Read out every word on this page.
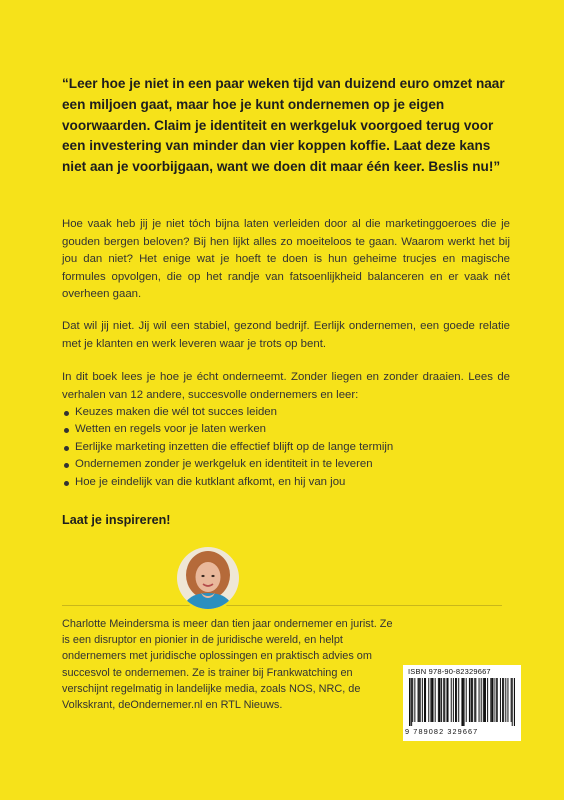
“Leer hoe je niet in een paar weken tijd van duizend euro omzet naar een miljoen gaat, maar hoe je kunt ondernemen op je eigen voorwaarden. Claim je identiteit en werkgeluk voorgoed terug voor een investering van minder dan vier koppen koffie. Laat deze kans niet aan je voorbijgaan, want we doen dit maar één keer. Beslis nu!”

Hoe vaak heb jij je niet tóch bijna laten verleiden door al die marketinggoeroes die je gouden bergen beloven? Bij hen lijkt alles zo moeiteloos te gaan. Waarom werkt het bij jou dan niet? Het enige wat je hoeft te doen is hun geheime trucjes en magische formules opvolgen, die op het randje van fatsoenlijkheid balanceren en er vaak nét overheen gaan.

Dat wil jij niet. Jij wil een stabiel, gezond bedrijf. Eerlijk ondernemen, een goede relatie met je klanten en werk leveren waar je trots op bent.

In dit boek lees je hoe je écht onderneemt. Zonder liegen en zonder draaien. Lees de verhalen van 12 andere, succesvolle ondernemers en leer:

Keuzes maken die wél tot succes leiden
Wetten en regels voor je laten werken
Eerlijke marketing inzetten die effectief blijft op de lange termijn
Ondernemen zonder je werkgeluk en identiteit in te leveren
Hoe je eindelijk van die kutklant afkomt, en hij van jou

Laat je inspireren!

Charlotte Meindersma is meer dan tien jaar ondernemer en jurist. Ze is een disruptor en pionier in de juridische wereld, en helpt ondernemers met juridische oplossingen en praktisch advies om succesvol te ondernemen. Ze is trainer bij Frankwatching en verschijnt regelmatig in landelijke media, zoals NOS, NRC, de Volkskrant, deOndernemer.nl en RTL Nieuws.

ISBN 978-90-82329667
9 789082 329667
